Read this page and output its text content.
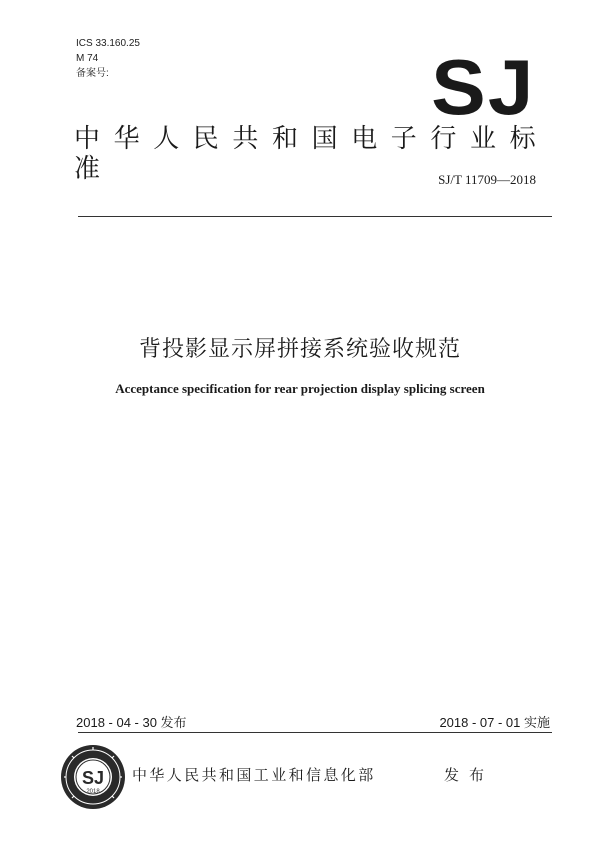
ICS 33.160.25
M 74
备案号:	SJ
中华人民共和国电子行业标准	SJ/T 11709—2018
背投影显示屏拼接系统验收规范
Acceptance specification for rear projection display splicing screen
2018 - 04 - 30 发布	2018 - 07 - 01 实施
SJ
2018
中华人民共和国工业和信息化部	发布
